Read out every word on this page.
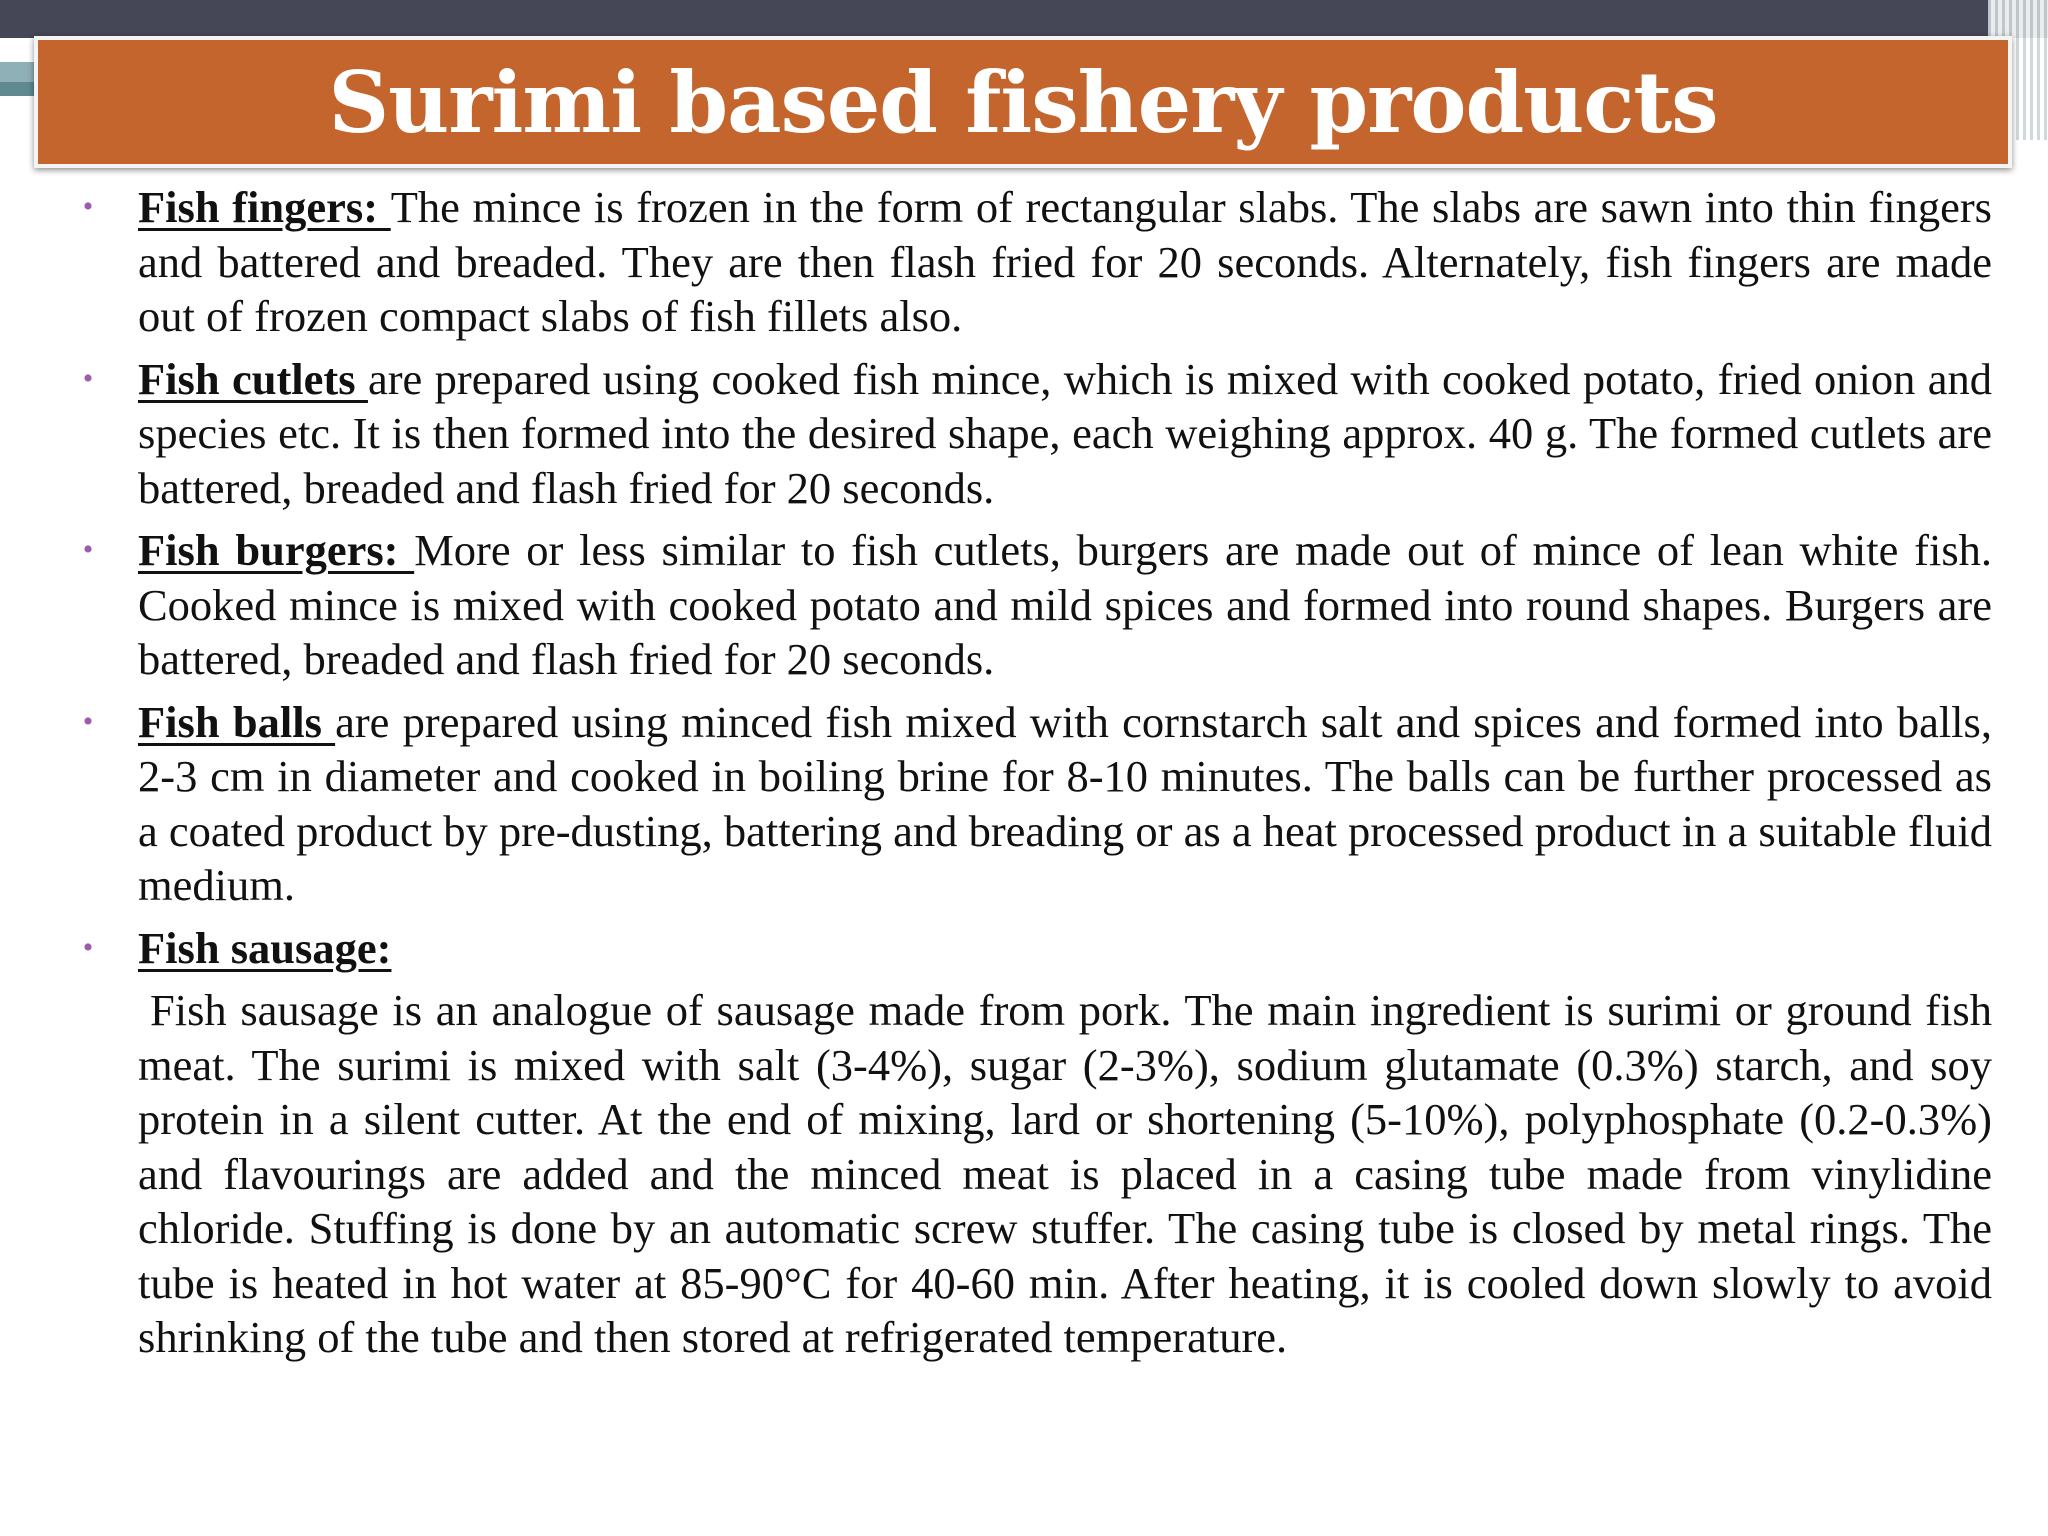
Surimi based fishery products
• Fish fingers: The mince is frozen in the form of rectangular slabs. The slabs are sawn into thin fingers and battered and breaded. They are then flash fried for 20 seconds. Alternately, fish fingers are made out of frozen compact slabs of fish fillets also.
• Fish cutlets are prepared using cooked fish mince, which is mixed with cooked potato, fried onion and species etc. It is then formed into the desired shape, each weighing approx. 40 g. The formed cutlets are battered, breaded and flash fried for 20 seconds.
• Fish burgers: More or less similar to fish cutlets, burgers are made out of mince of lean white fish. Cooked mince is mixed with cooked potato and mild spices and formed into round shapes. Burgers are battered, breaded and flash fried for 20 seconds.
• Fish balls are prepared using minced fish mixed with cornstarch salt and spices and formed into balls, 2-3 cm in diameter and cooked in boiling brine for 8-10 minutes. The balls can be further processed as a coated product by pre-dusting, battering and breading or as a heat processed product in a suitable fluid medium.
• Fish sausage:
Fish sausage is an analogue of sausage made from pork. The main ingredient is surimi or ground fish meat. The surimi is mixed with salt (3-4%), sugar (2-3%), sodium glutamate (0.3%) starch, and soy protein in a silent cutter. At the end of mixing, lard or shortening (5-10%), polyphosphate (0.2-0.3%) and flavourings are added and the minced meat is placed in a casing tube made from vinylidine chloride. Stuffing is done by an automatic screw stuffer. The casing tube is closed by metal rings. The tube is heated in hot water at 85-90°C for 40-60 min. After heating, it is cooled down slowly to avoid shrinking of the tube and then stored at refrigerated temperature.
